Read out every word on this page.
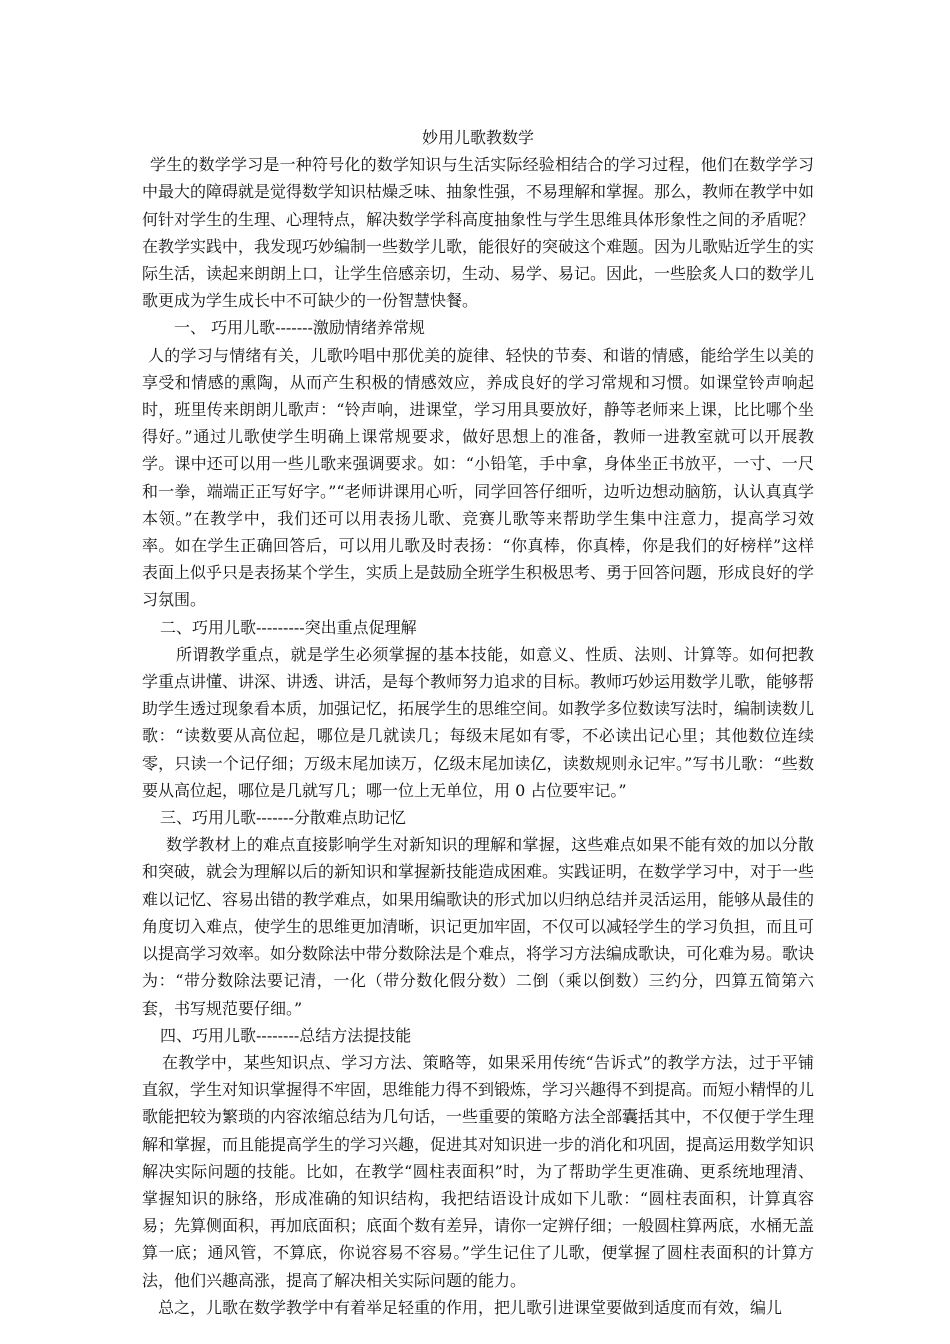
妙用儿歌教数学

学生的数学学习是一种符号化的数学知识与生活实际经验相结合的学习过程，他们在数学学习中最大的障碍就是觉得数学知识枯燥乏味、抽象性强，不易理解和掌握。那么，教师在教学中如何针对学生的生理、心理特点，解决数学学科高度抽象性与学生思维具体形象性之间的矛盾呢？在教学实践中，我发现巧妙编制一些数学儿歌，能很好的突破这个难题。因为儿歌贴近学生的实际生活，读起来朗朗上口，让学生倍感亲切，生动、易学、易记。因此，一些脍炙人口的数学儿歌更成为学生成长中不可缺少的一份智慧快餐。

一、 巧用儿歌-------激励情绪养常规

人的学习与情绪有关，儿歌吟唱中那优美的旋律、轻快的节奏、和谐的情感，能给学生以美的享受和情感的熏陶，从而产生积极的情感效应，养成良好的学习常规和习惯。如课堂铃声响起时，班里传来朗朗儿歌声：“铃声响，进课堂，学习用具要放好，静等老师来上课，比比哪个坐得好。”通过儿歌使学生明确上课常规要求，做好思想上的准备，教师一进教室就可以开展教学。课中还可以用一些儿歌来强调要求。如：“小铅笔，手中拿，身体坐正书放平，一寸、一尺和一拳，端端正正写好字。”“老师讲课用心听，同学回答仔细听，边听边想动脑筋，认认真真学本领。”在教学中，我们还可以用表扬儿歌、竞赛儿歌等来帮助学生集中注意力，提高学习效率。如在学生正确回答后，可以用儿歌及时表扬：“你真棒，你真棒，你是我们的好榜样”这样表面上似乎只是表扬某个学生，实质上是鼓励全班学生积极思考、勇于回答问题，形成良好的学习氛围。

二、巧用儿歌---------突出重点促理解

所谓教学重点，就是学生必须掌握的基本技能，如意义、性质、法则、计算等。如何把教学重点讲懂、讲深、讲透、讲活，是每个教师努力追求的目标。教师巧妙运用数学儿歌，能够帮助学生透过现象看本质，加强记忆，拓展学生的思维空间。如教学多位数读写法时，编制读数儿歌：“读数要从高位起，哪位是几就读几；每级末尾如有零，不必读出记心里；其他数位连续零，只读一个记仔细；万级末尾加读万，亿级末尾加读亿，读数规则永记牢。”写书儿歌：“些数要从高位起，哪位是几就写几；哪一位上无单位，用 0 占位要牢记。”

三、巧用儿歌-------分散难点助记忆

数学教材上的难点直接影响学生对新知识的理解和掌握，这些难点如果不能有效的加以分散和突破，就会为理解以后的新知识和掌握新技能造成困难。实践证明，在数学学习中，对于一些难以记忆、容易出错的教学难点，如果用编歌诀的形式加以归纳总结并灵活运用，能够从最佳的角度切入难点，使学生的思维更加清晰，识记更加牢固，不仅可以减轻学生的学习负担，而且可以提高学习效率。如分数除法中带分数除法是个难点，将学习方法编成歌诀，可化难为易。歌诀为：“带分数除法要记清，一化（带分数化假分数）二倒（乘以倒数）三约分，四算五简第六套，书写规范要仔细。”

四、巧用儿歌--------总结方法提技能

在教学中，某些知识点、学习方法、策略等，如果采用传统“告诉式”的教学方法，过于平铺直叙，学生对知识掌握得不牢固，思维能力得不到锻炼，学习兴趣得不到提高。而短小精悍的儿歌能把较为繁琐的内容浓缩总结为几句话，一些重要的策略方法全部囊括其中，不仅便于学生理解和掌握，而且能提高学生的学习兴趣，促进其对知识进一步的消化和巩固，提高运用数学知识解决实际问题的技能。比如，在教学“圆柱表面积”时，为了帮助学生更准确、更系统地理清、掌握知识的脉络，形成准确的知识结构，我把结语设计成如下儿歌：“圆柱表面积，计算真容易；先算侧面积，再加底面积；底面个数有差异，请你一定辨仔细；一般圆柱算两底，水桶无盖算一底；通风管，不算底，你说容易不容易。”学生记住了儿歌，便掌握了圆柱表面积的计算方法，他们兴趣高涨，提高了解决相关实际问题的能力。

总之，儿歌在数学教学中有着举足轻重的作用，把儿歌引进课堂要做到适度而有效，编儿
